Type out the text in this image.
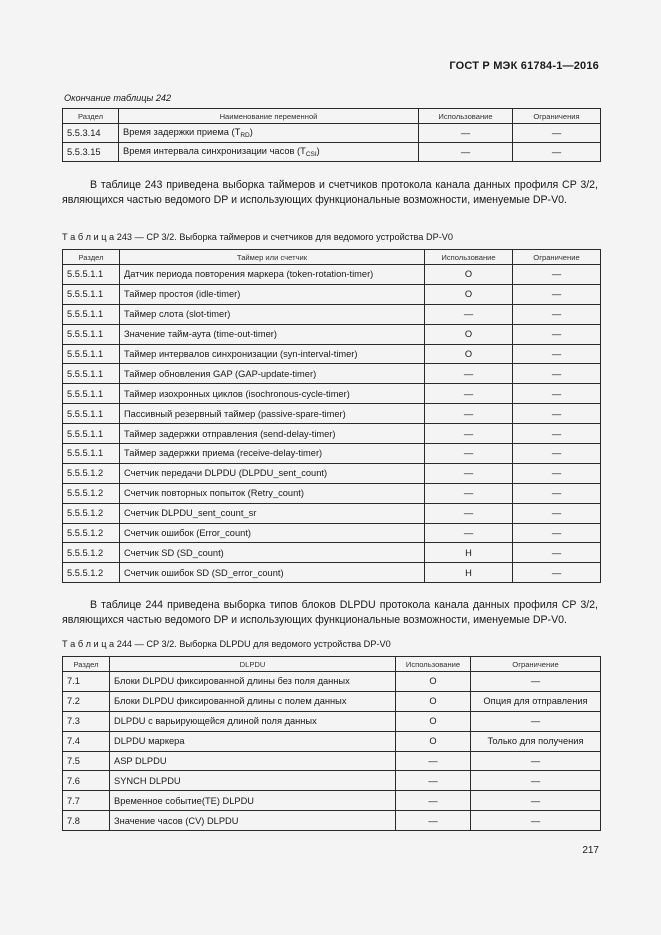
ГОСТ Р МЭК 61784-1—2016
Окончание таблицы 242
Раздел	Наименование переменной	Использование	Ограничения
5.5.3.14	Время задержки приема $(T_{RD})$	—	—
5.5.3.15	Время интервала синхронизации часов $(T_{CSI})$	—	—
В таблице 243 приведена выборка таймеров и счетчиков протокола канала данных профиля CP 3/2, являющихся частью ведомого DP и использующих функциональные возможности, именуемые DP-V0.
Т а б л и ц а 243 — CP 3/2. Выборка таймеров и счетчиков для ведомого устройства DP-V0
Раздел	Таймер или счетчик	Использование	Ограничение
5.5.5.1.1	Датчик периода повторения маркера (token-rotation-timer)	O	—
5.5.5.1.1	Таймер простоя (idle-timer)	O	—
5.5.5.1.1	Таймер слота (slot-timer)	—	—
5.5.5.1.1	Значение тайм-аута (time-out-timer)	O	—
5.5.5.1.1	Таймер интервалов синхронизации (syn-interval-timer)	O	—
5.5.5.1.1	Таймер обновления GAP (GAP-update-timer)	—	—
5.5.5.1.1	Таймер изохронных циклов (isochronous-cycle-timer)	—	—
5.5.5.1.1	Пассивный резервный таймер (passive-spare-timer)	—	—
5.5.5.1.1	Таймер задержки отправления (send-delay-timer)	—	—
5.5.5.1.1	Таймер задержки приема (receive-delay-timer)	—	—
5.5.5.1.2	Счетчик передачи DLPDU (DLPDU_sent_count)	—	—
5.5.5.1.2	Счетчик повторных попыток (Retry_count)	—	—
5.5.5.1.2	Счетчик DLPDU_sent_count_sr	—	—
5.5.5.1.2	Счетчик ошибок (Error_count)	—	—
5.5.5.1.2	Счетчик SD (SD_count)	Н	—
5.5.5.1.2	Счетчик ошибок SD (SD_error_count)	Н	—
В таблице 244 приведена выборка типов блоков DLPDU протокола канала данных профиля CP 3/2, являющихся частью ведомого DP и использующих функциональные возможности, именуемые DP-V0.
Т а б л и ц а 244 — CP 3/2. Выборка DLPDU для ведомого устройства DP-V0
Раздел	DLPDU	Использование	Ограничение
7.1	Блоки DLPDU фиксированной длины без поля данных	O	—
7.2	Блоки DLPDU фиксированной длины с полем данных	O	Опция для отправления
7.3	DLPDU с варьирующейся длиной поля данных	O	—
7.4	DLPDU маркера	O	Только для получения
7.5	ASP DLPDU	—	—
7.6	SYNCH DLPDU	—	—
7.7	Временное событие(TE) DLPDU	—	—
7.8	Значение часов (CV) DLPDU	—	—
217
